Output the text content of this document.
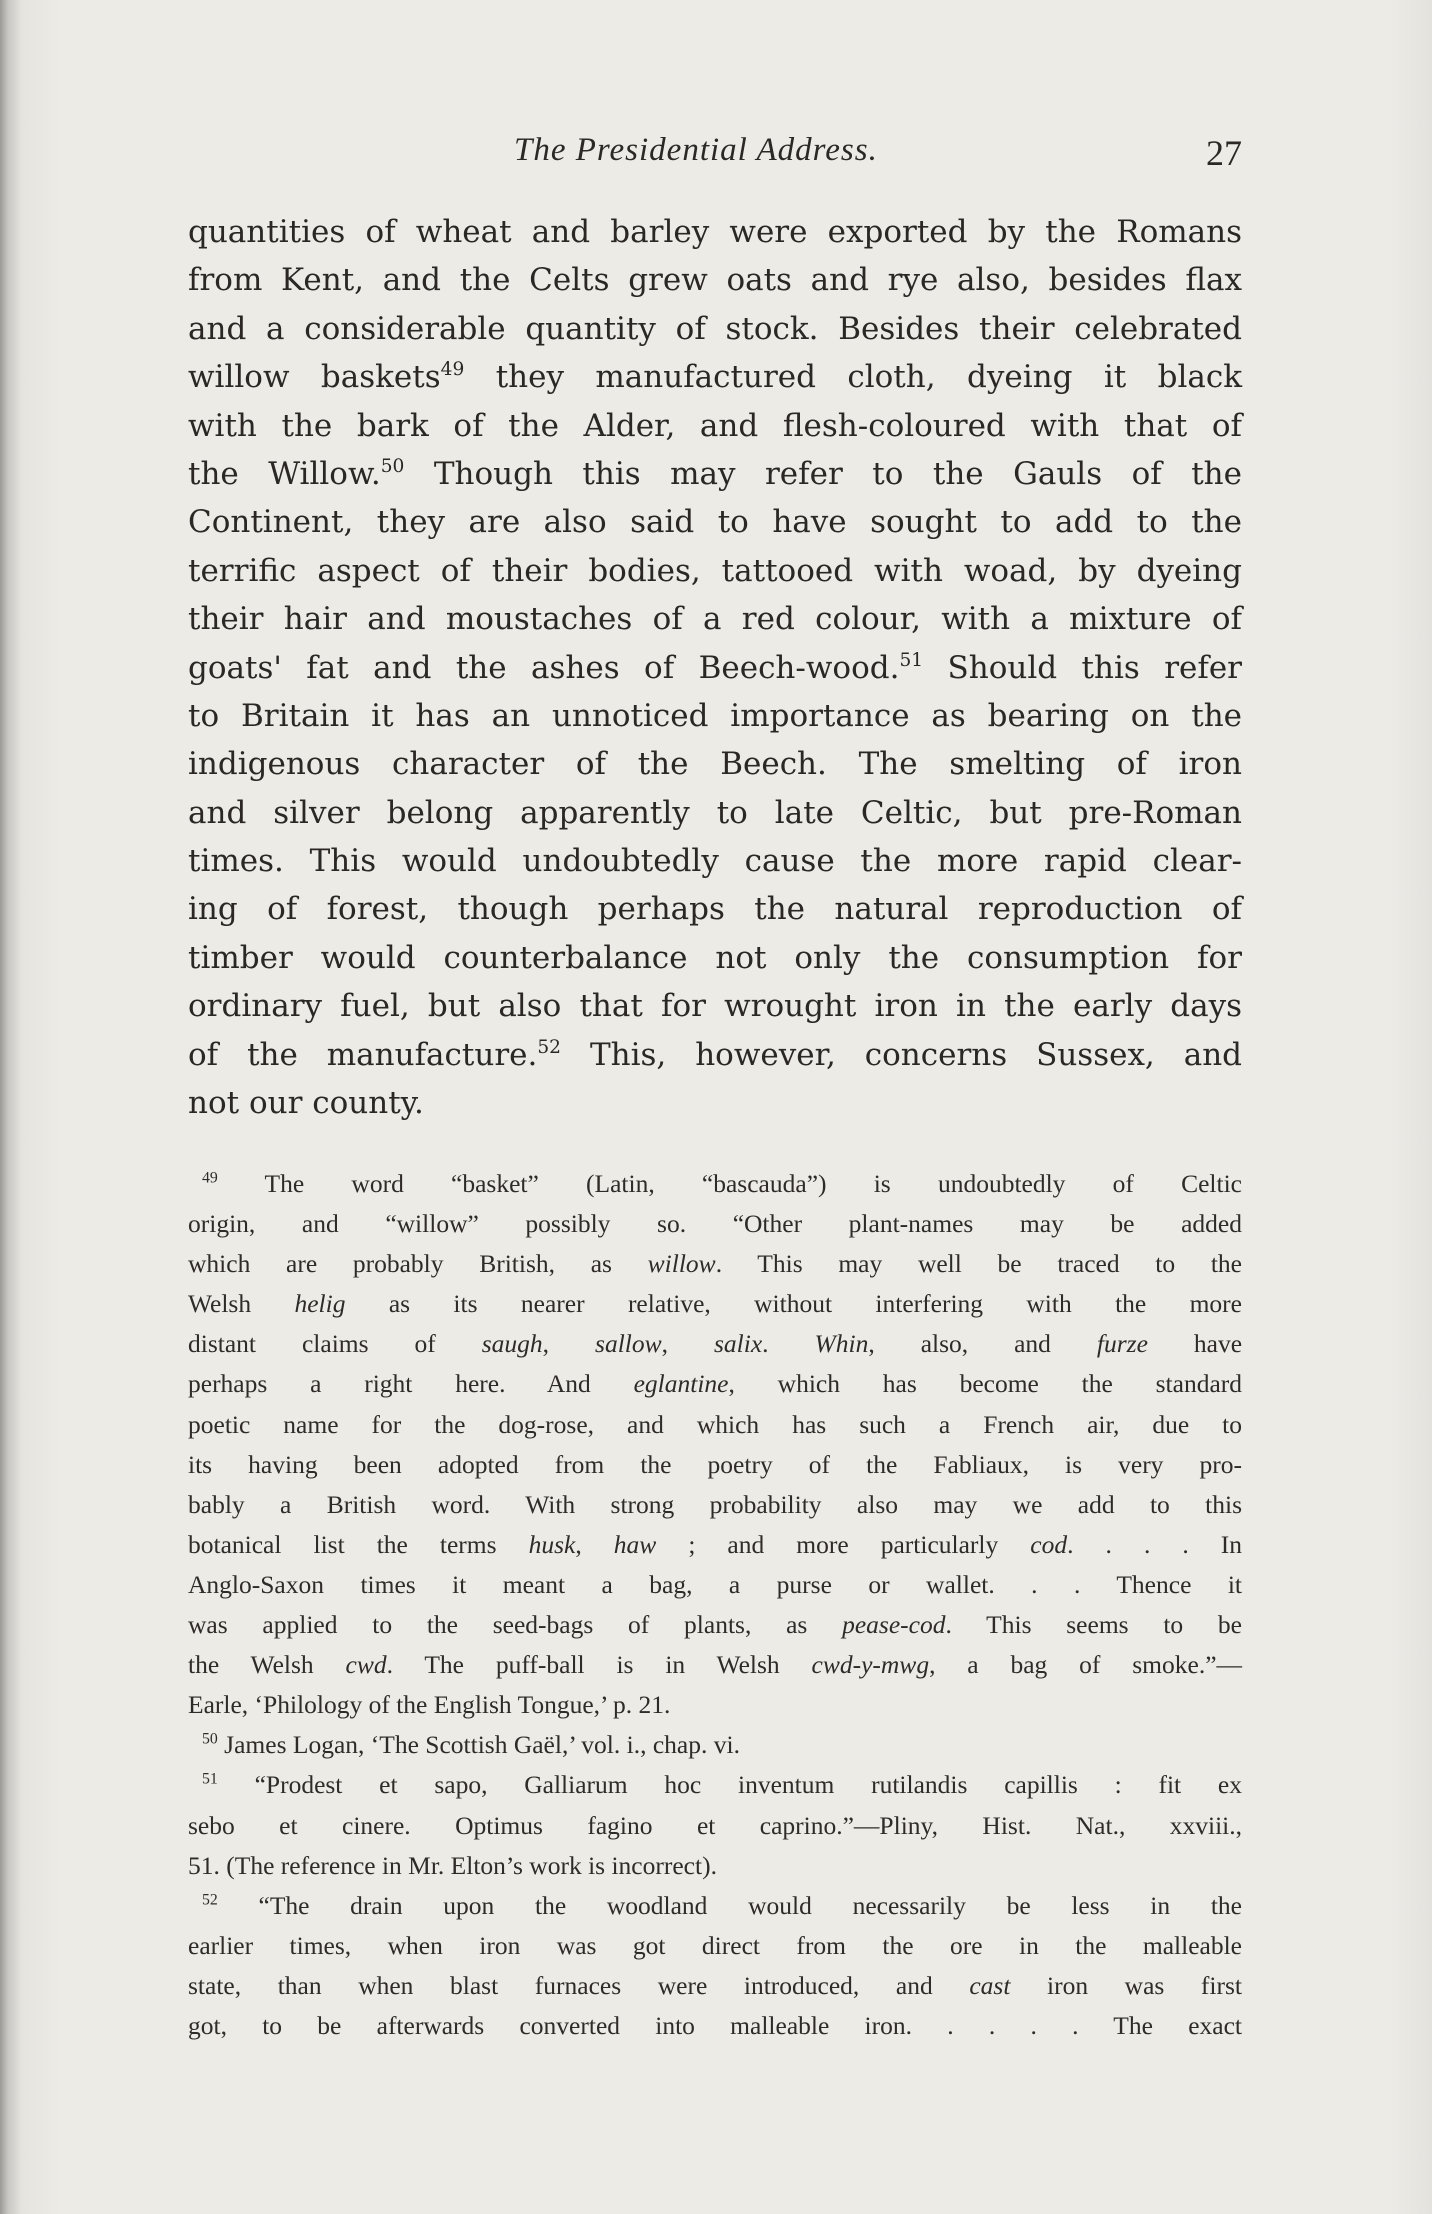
The Presidential Address.	27
quantities of wheat and barley were exported by the Romans
from Kent, and the Celts grew oats and rye also, besides flax
and a considerable quantity of stock. Besides their celebrated
willow baskets$^{49}$ they manufactured cloth, dyeing it black
with the bark of the Alder, and flesh-coloured with that of
the Willow.$^{50}$ Though this may refer to the Gauls of the
Continent, they are also said to have sought to add to the
terrific aspect of their bodies, tattooed with woad, by dyeing
their hair and moustaches of a red colour, with a mixture of
goats' fat and the ashes of Beech-wood.$^{51}$ Should this refer
to Britain it has an unnoticed importance as bearing on the
indigenous character of the Beech. The smelting of iron
and silver belong apparently to late Celtic, but pre-Roman
times. This would undoubtedly cause the more rapid clear-
ing of forest, though perhaps the natural reproduction of
timber would counterbalance not only the consumption for
ordinary fuel, but also that for wrought iron in the early days
of the manufacture.$^{52}$ This, however, concerns Sussex, and
not our county.
$^{49}$ The word “basket” (Latin, “bascauda”) is undoubtedly of Celtic
origin, and “willow” possibly so. “Other plant-names may be added
which are probably British, as willow. This may well be traced to the
Welsh helig as its nearer relative, without interfering with the more
distant claims of saugh, sallow, salix. Whin, also, and furze have
perhaps a right here. And eglantine, which has become the standard
poetic name for the dog-rose, and which has such a French air, due to
its having been adopted from the poetry of the Fabliaux, is very pro-
bably a British word. With strong probability also may we add to this
botanical list the terms husk, haw ; and more particularly cod. . . . In
Anglo-Saxon times it meant a bag, a purse or wallet. . . Thence it
was applied to the seed-bags of plants, as pease-cod. This seems to be
the Welsh cwd. The puff-ball is in Welsh cwd-y-mwg, a bag of smoke.”—
Earle, ‘Philology of the English Tongue,’ p. 21.
$^{50}$ James Logan, ‘The Scottish Gaël,’ vol. i., chap. vi.
$^{51}$ “Prodest et sapo, Galliarum hoc inventum rutilandis capillis : fit ex
sebo et cinere. Optimus fagino et caprino.”—Pliny, Hist. Nat., xxviii.,
51. (The reference in Mr. Elton’s work is incorrect).
$^{52}$ “The drain upon the woodland would necessarily be less in the
earlier times, when iron was got direct from the ore in the malleable
state, than when blast furnaces were introduced, and cast iron was first
got, to be afterwards converted into malleable iron. . . . . The exact
